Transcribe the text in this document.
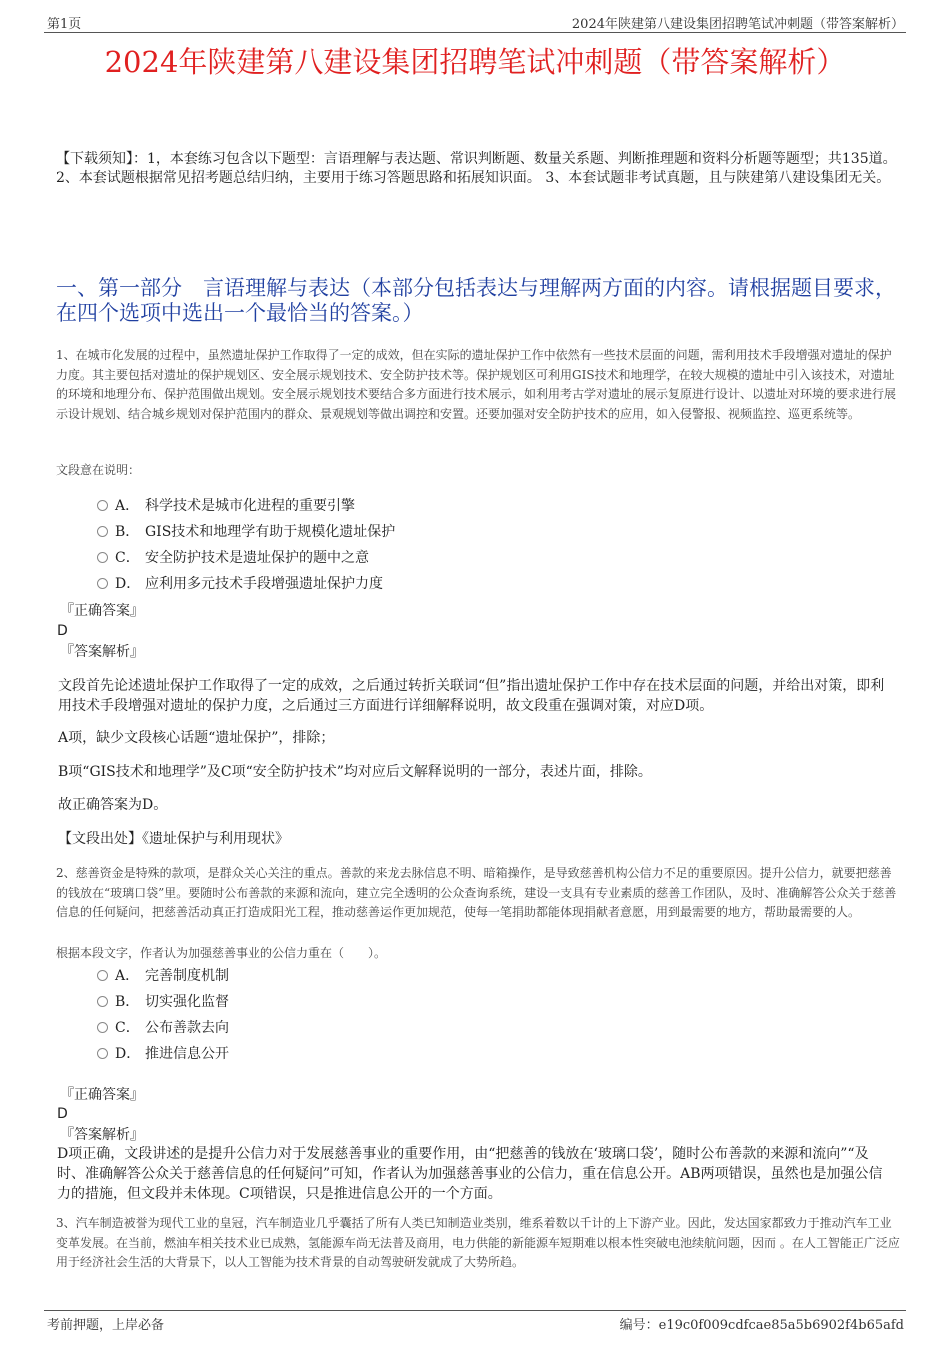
第1页	2024年陕建第八建设集团招聘笔试冲刺题（带答案解析）
2024年陕建第八建设集团招聘笔试冲刺题（带答案解析）
【下载须知】：1，本套练习包含以下题型：言语理解与表达题、常识判断题、数量关系题、判断推理题和资料分析题等题型；共135道。 2、本套试题根据常见招考题总结归纳，主要用于练习答题思路和拓展知识面。 3、本套试题非考试真题，且与陕建第八建设集团无关。
一、第一部分　言语理解与表达（本部分包括表达与理解两方面的内容。请根据题目要求，在四个选项中选出一个最恰当的答案。）
1、在城市化发展的过程中，虽然遗址保护工作取得了一定的成效，但在实际的遗址保护工作中依然有一些技术层面的问题，需利用技术手段增强对遗址的保护力度。其主要包括对遗址的保护规划区、安全展示规划技术、安全防护技术等。保护规划区可利用GIS技术和地理学，在较大规模的遗址中引入该技术，对遗址的环境和地理分布、保护范围做出规划。安全展示规划技术要结合多方面进行技术展示，如利用考古学对遗址的展示复原进行设计、以遗址对环境的要求进行展示设计规划、结合城乡规划对保护范围内的群众、景观规划等做出调控和安置。还要加强对安全防护技术的应用，如入侵警报、视频监控、巡更系统等。
文段意在说明：
A． 科学技术是城市化进程的重要引擎
B． GIS技术和地理学有助于规模化遗址保护
C． 安全防护技术是遗址保护的题中之意
D． 应利用多元技术手段增强遗址保护力度
『正确答案』
D
『答案解析』
文段首先论述遗址保护工作取得了一定的成效，之后通过转折关联词“但”指出遗址保护工作中存在技术层面的问题，并给出对策，即利用技术手段增强对遗址的保护力度，之后通过三方面进行详细解释说明，故文段重在强调对策，对应D项。
A项，缺少文段核心话题“遗址保护”，排除；
B项“GIS技术和地理学”及C项“安全防护技术”均对应后文解释说明的一部分，表述片面，排除。
故正确答案为D。
【文段出处】《遗址保护与利用现状》
2、慈善资金是特殊的款项，是群众关心关注的重点。善款的来龙去脉信息不明、暗箱操作，是导致慈善机构公信力不足的重要原因。提升公信力，就要把慈善的钱放在“玻璃口袋”里。要随时公布善款的来源和流向，建立完全透明的公众查询系统，建设一支具有专业素质的慈善工作团队，及时、准确解答公众关于慈善信息的任何疑问，把慈善活动真正打造成阳光工程，推动慈善运作更加规范，使每一笔捐助都能体现捐献者意愿，用到最需要的地方，帮助最需要的人。
根据本段文字，作者认为加强慈善事业的公信力重在（　　）。
A． 完善制度机制
B． 切实强化监督
C． 公布善款去向
D． 推进信息公开
『正确答案』
D
『答案解析』
D项正确，文段讲述的是提升公信力对于发展慈善事业的重要作用，由“把慈善的钱放在‘玻璃口袋’，随时公布善款的来源和流向”“及时、准确解答公众关于慈善信息的任何疑问”可知，作者认为加强慈善事业的公信力，重在信息公开。AB两项错误，虽然也是加强公信力的措施，但文段并未体现。C项错误，只是推进信息公开的一个方面。
3、汽车制造被誉为现代工业的皇冠，汽车制造业几乎囊括了所有人类已知制造业类别，维系着数以千计的上下游产业。因此，发达国家都致力于推动汽车工业变革发展。在当前，燃油车相关技术业已成熟，氢能源车尚无法普及商用，电力供能的新能源车短期难以根本性突破电池续航问题，因而 。在人工智能正广泛应用于经济社会生活的大背景下，以人工智能为技术背景的自动驾驶研发就成了大势所趋。
考前押题，上岸必备	编号：e19c0f009cdfcae85a5b6902f4b65afd
